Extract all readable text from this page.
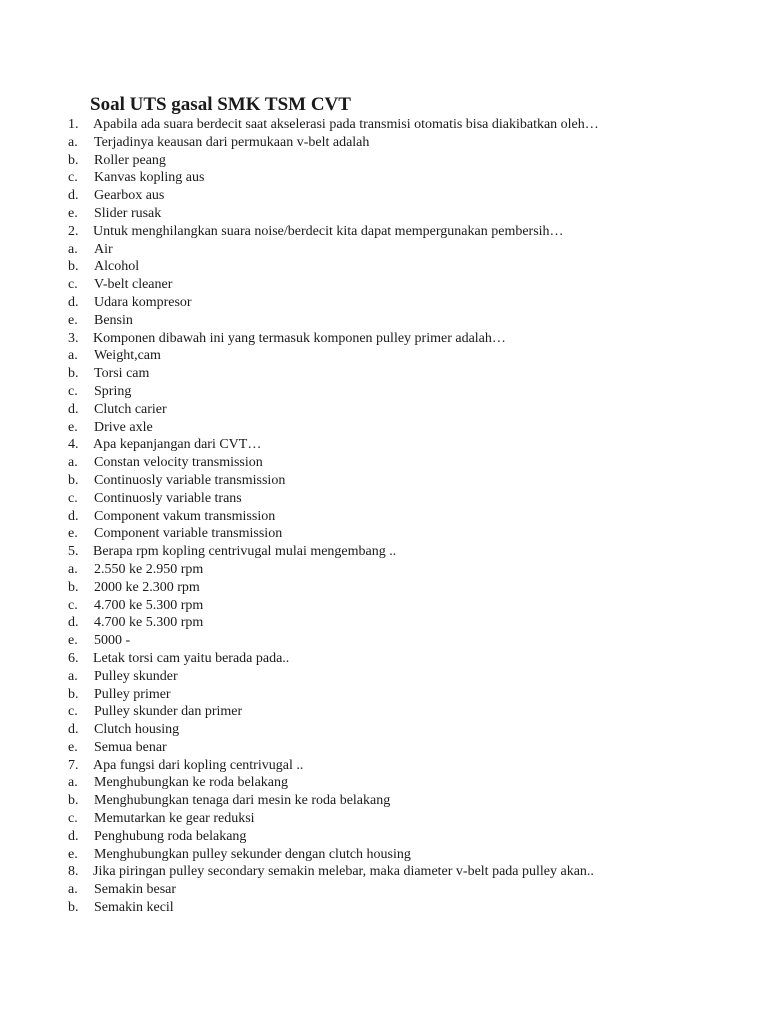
Soal UTS gasal SMK TSM CVT
1.	Apabila ada suara berdecit saat akselerasi pada transmisi otomatis bisa diakibatkan oleh…
a.	Terjadinya keausan dari permukaan v-belt adalah
b.	Roller peang
c.	Kanvas kopling aus
d.	Gearbox aus
e.	Slider rusak
2.	Untuk menghilangkan suara noise/berdecit kita dapat mempergunakan pembersih…
a.	Air
b.	Alcohol
c.	V-belt cleaner
d.	Udara kompresor
e.	Bensin
3.	Komponen dibawah ini yang termasuk komponen pulley primer adalah…
a.	Weight,cam
b.	Torsi cam
c.	Spring
d.	Clutch carier
e.	Drive axle
4.	Apa kepanjangan dari CVT…
a.	Constan velocity transmission
b.	Continuosly variable transmission
c.	Continuosly variable trans
d.	Component vakum transmission
e.	Component variable transmission
5.	Berapa rpm kopling centrivugal mulai mengembang ..
a.	2.550 ke 2.950 rpm
b.	2000 ke 2.300 rpm
c.	4.700 ke 5.300 rpm
d.	4.700 ke 5.300 rpm
e.	5000 -
6.	Letak torsi cam yaitu berada pada..
a.	Pulley skunder
b.	Pulley primer
c.	Pulley skunder dan primer
d.	Clutch housing
e.	Semua benar
7.	Apa fungsi dari kopling centrivugal ..
a.	Menghubungkan ke roda belakang
b.	Menghubungkan tenaga dari mesin ke roda belakang
c.	Memutarkan ke gear reduksi
d.	Penghubung roda belakang
e.	Menghubungkan pulley sekunder dengan clutch housing
8.	Jika piringan pulley secondary semakin melebar, maka diameter v-belt pada pulley akan..
a.	Semakin besar
b.	Semakin kecil
